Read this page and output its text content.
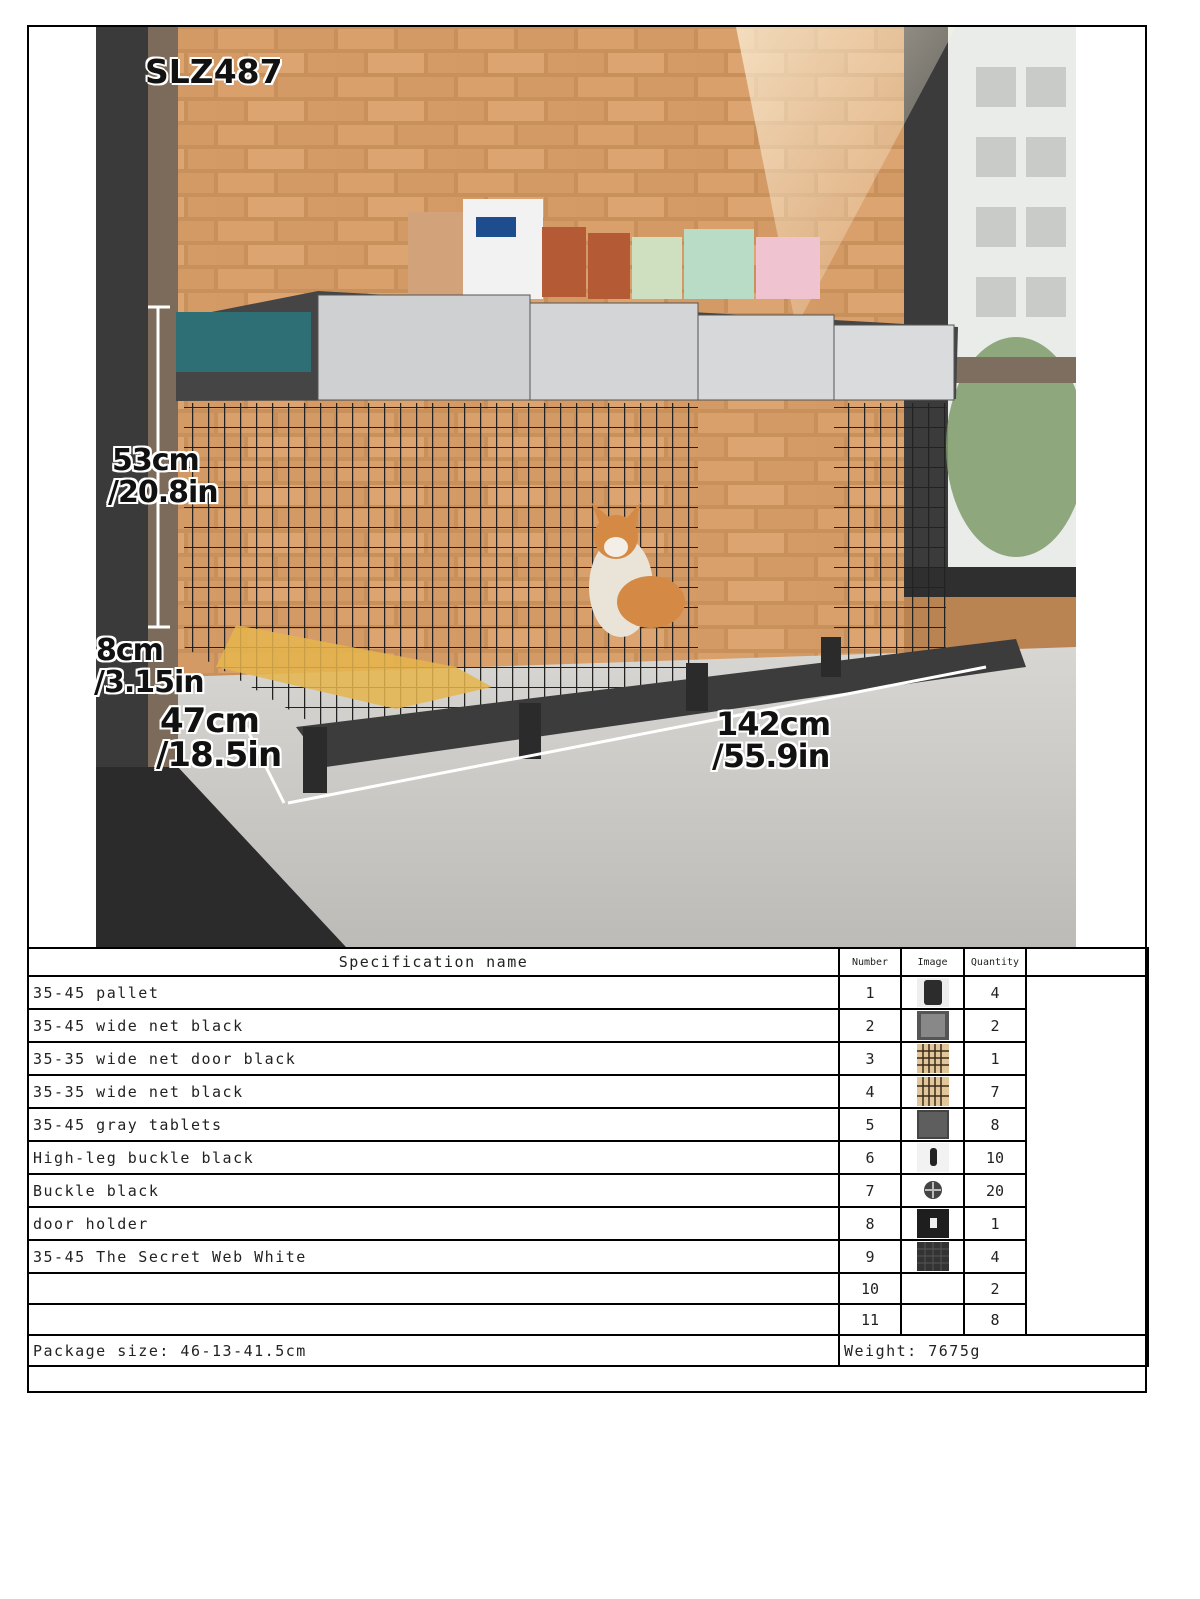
SLZ487
53cm
/20.8in
8cm
/3.15in
47cm
/18.5in
142cm
/55.9in
Specification name	Number	Image	Quantity	
35-45 pallet	1		4	
35-45 wide net black	2		2	
35-35 wide net door black	3		1	
35-35 wide net black	4		7	
35-45 gray tablets	5		8	
High-leg buckle black	6		10	
Buckle black	7		20	
door holder	8		1	
35-45 The Secret Web White	9		4	
	10		2	
	11		8	
Package size: 46-13-41.5cm	Weight: 7675g			
